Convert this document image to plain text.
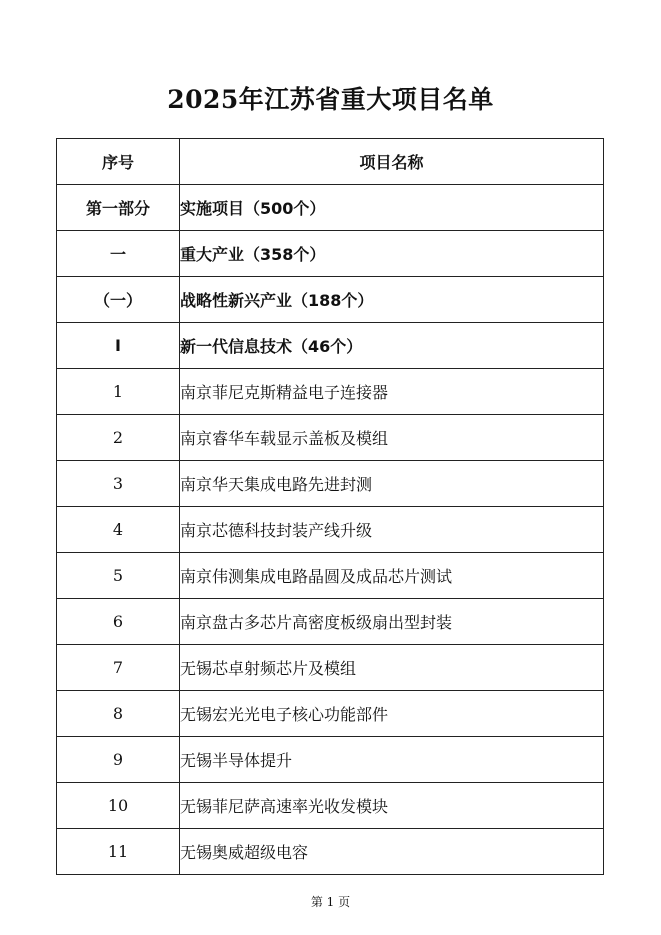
2025年江苏省重大项目名单
序号	项目名称
第一部分	实施项目（500个）
一	重大产业（358个）
（一）	战略性新兴产业（188个）
Ⅰ	新一代信息技术（46个）
1	南京菲尼克斯精益电子连接器
2	南京睿华车载显示盖板及模组
3	南京华天集成电路先进封测
4	南京芯德科技封装产线升级
5	南京伟测集成电路晶圆及成品芯片测试
6	南京盘古多芯片高密度板级扇出型封装
7	无锡芯卓射频芯片及模组
8	无锡宏光光电子核心功能部件
9	无锡半导体提升
10	无锡菲尼萨高速率光收发模块
11	无锡奥威超级电容
第 1 页
